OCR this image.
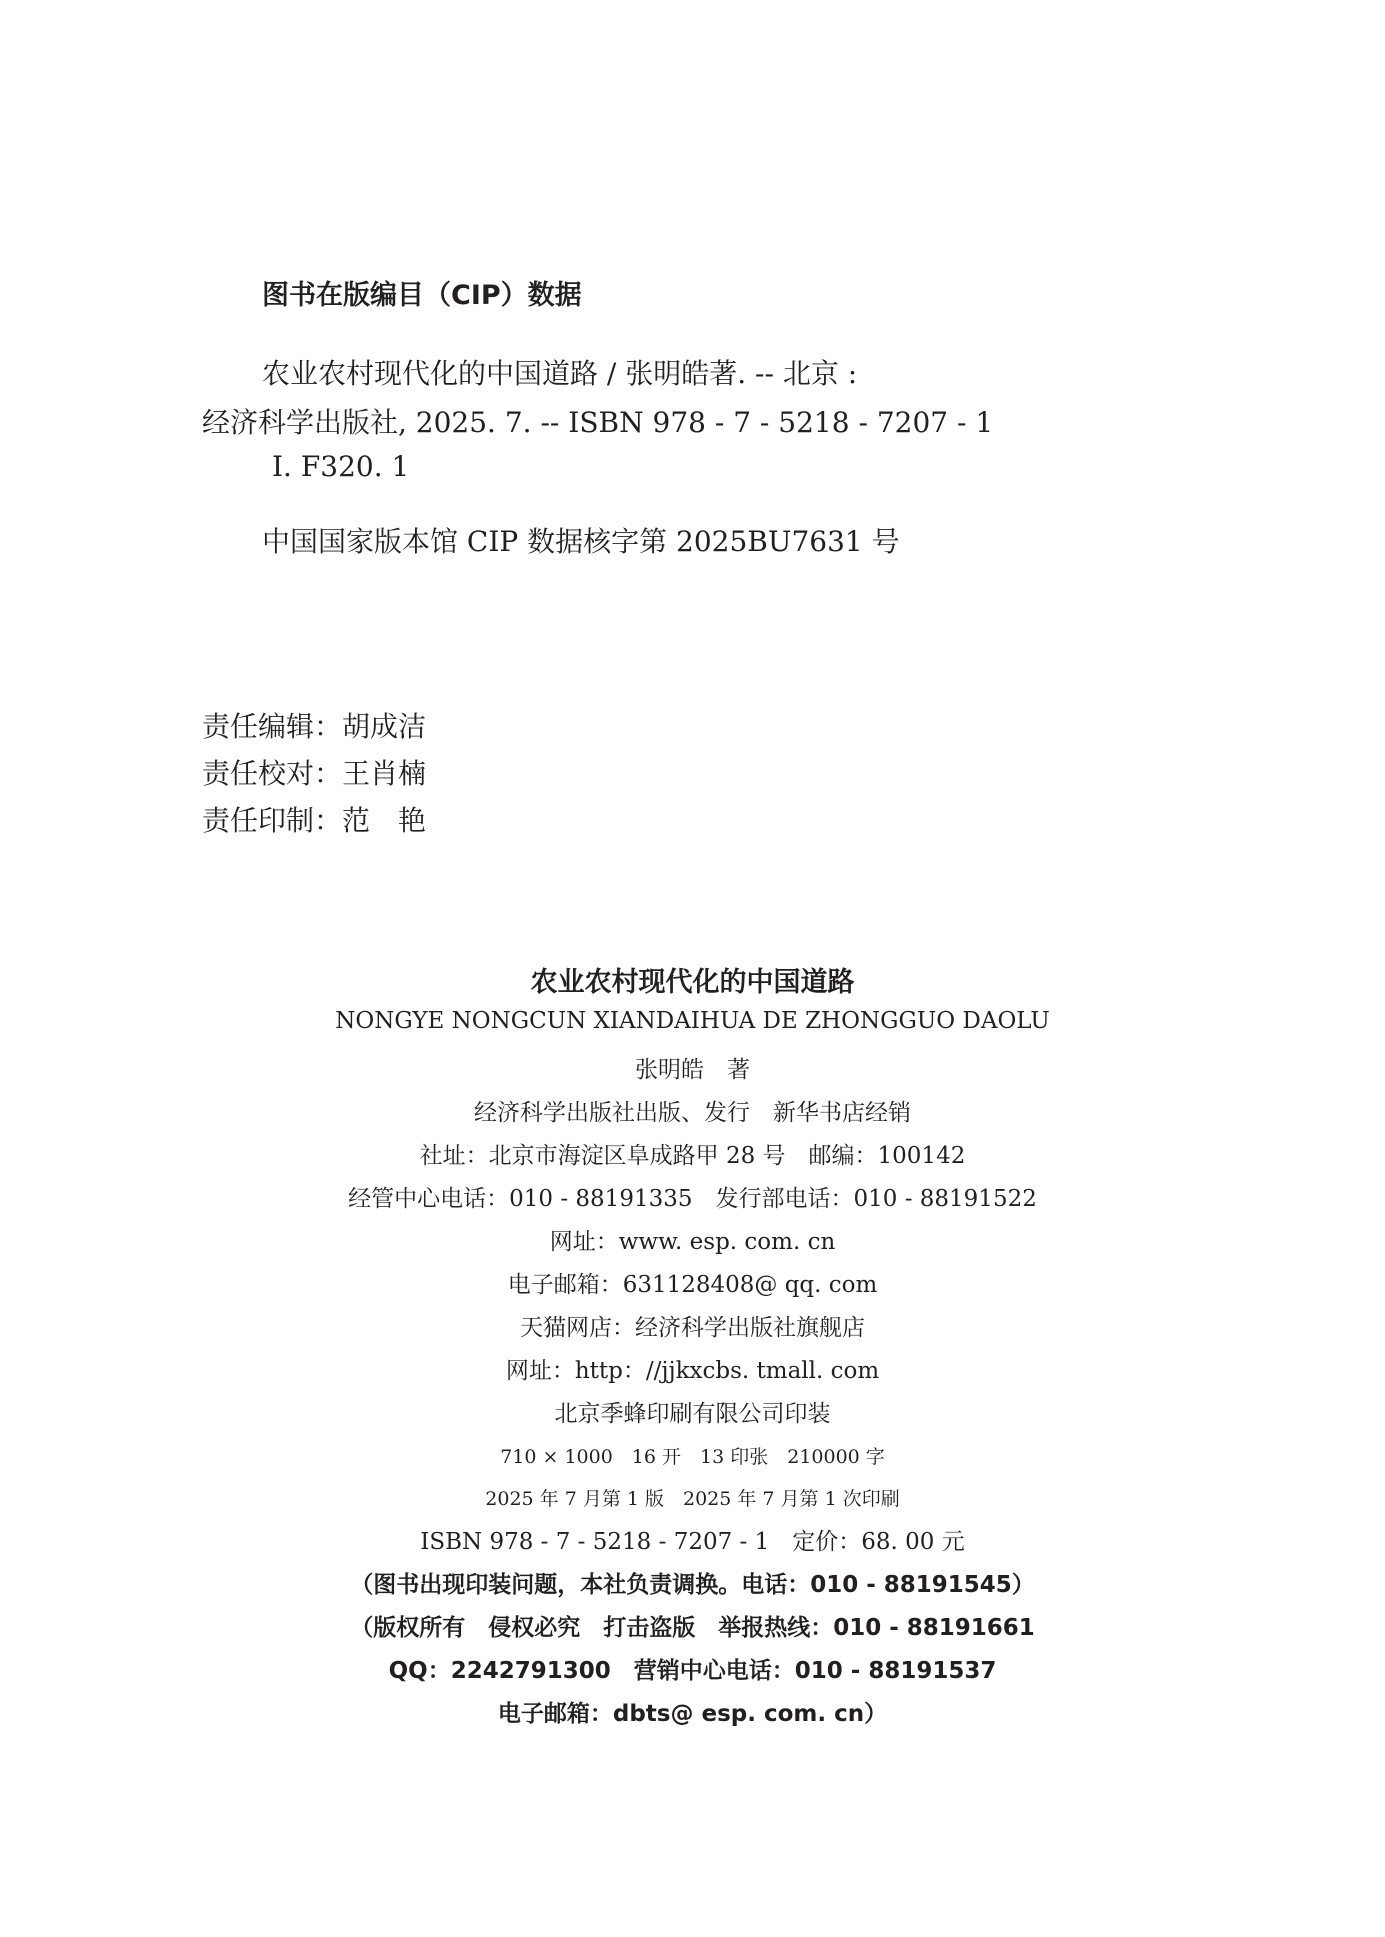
图书在版编目（CIP）数据
农业农村现代化的中国道路 / 张明皓著. -- 北京 :
经济科学出版社, 2025. 7. -- ISBN 978 - 7 - 5218 - 7207 - 1
Ⅰ. F320. 1
中国国家版本馆 CIP 数据核字第 2025BU7631 号
责任编辑：胡成洁
责任校对：王肖楠
责任印制：范　艳
农业农村现代化的中国道路
NONGYE NONGCUN XIANDAIHUA DE ZHONGGUO DAOLU
张明皓　著
经济科学出版社出版、发行　新华书店经销
社址：北京市海淀区阜成路甲 28 号　邮编：100142
经管中心电话：010 - 88191335　发行部电话：010 - 88191522
网址：www. esp. com. cn
电子邮箱：631128408@ qq. com
天猫网店：经济科学出版社旗舰店
网址：http：//jjkxcbs. tmall. com
北京季蜂印刷有限公司印装
710 × 1000　16 开　13 印张　210000 字
2025 年 7 月第 1 版　2025 年 7 月第 1 次印刷
ISBN 978 - 7 - 5218 - 7207 - 1　定价：68. 00 元
（图书出现印装问题，本社负责调换。电话：010 - 88191545）
（版权所有　侵权必究　打击盗版　举报热线：010 - 88191661
QQ：2242791300　营销中心电话：010 - 88191537
电子邮箱：dbts@ esp. com. cn）
